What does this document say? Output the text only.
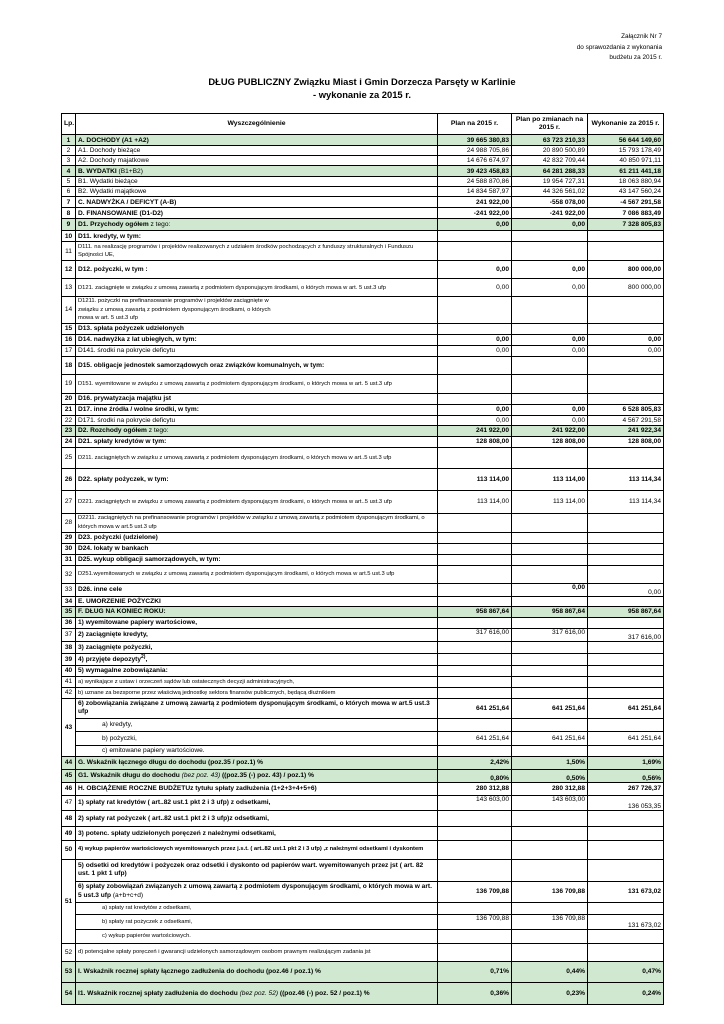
Załącznik Nr 7
do sprawozdania z wykonania
budżetu za 2015 r.
DŁUG PUBLICZNY Związku Miast i Gmin Dorzecza Parsęty w Karlinie
- wykonanie za 2015 r.
Lp.	Wyszczególnienie	Plan na 2015 r.	Plan po zmianach na 2015 r.	Wykonanie za 2015 r.
1	A. DOCHODY (A1 +A2)	39 665 380,83	63 723 210,33	56 644 149,60
2	A1. Dochody bieżące	24 988 705,86	20 890 500,89	15 793 178,49
3	A2. Dochody majatkowe	14 676 674,97	42 832 709,44	40 850 971,11
4	B. WYDATKI (B1+B2)	39 423 458,83	64 281 288,33	61 211 441,18
5	B1. Wydatki bieżące	24 588 870,86	19 954 727,31	18 063 880,94
6	B2. Wydatki majątkowe	14 834 587,97	44 326 561,02	43 147 560,24
7	C. NADWYŻKA / DEFICYT (A-B)	241 922,00	-558 078,00	-4 567 291,58
8	D. FINANSOWANIE (D1-D2)	-241 922,00	-241 922,00	7 086 883,49
9	D1. Przychody ogółem z tego:	0,00	0,00	7 328 805,83
10	D11. kredyty, w tym:			
11	D111. na realizację programów i projektów realizowanych z udziałem środków pochodzących z funduszy strukturalnych i Funduszu Spójności UE,			
12	D12. pożyczki, w tym :	0,00	0,00	800 000,00
13	D121. zaciągnięte w związku z umową zawartą z podmiotem dysponującym środkami, o których mowa w art. 5 ust.3 ufp	0,00	0,00	800 000,00
14	D1211. pożyczki na prefinansowanie programów i projektów zaciągnięte w związku z umową zawartą z podmiotem dysponującym środkami, o których mowa w art. 5 ust.3 ufp			
15	D13. spłata pożyczek udzielonych			
16	D14. nadwyżka z lat ubiegłych, w tym:	0,00	0,00	0,00
17	D141. środki na pokrycie deficytu	0,00	0,00	0,00
18	D15. obligacje jednostek samorządowych oraz związków komunalnych, w tym:			
19	D151. wyemitowane w związku z umową zawartą z podmiotem dysponującym środkami, o których mowa w art. 5 ust.3 ufp			
20	D16. prywatyzacja majątku jst			
21	D17. inne źródła / wolne środki, w tym:	0,00	0,00	6 528 805,83
22	D171. środki na pokrycie deficytu	0,00	0,00	4 567 291,58
23	D2. Rozchody ogółem z tego:	241 922,00	241 922,00	241 922,34
24	D21. spłaty kredytów w tym:	128 808,00	128 808,00	128 808,00
25	D211. zaciągniętych w związku z umową zawartą z podmiotem dysponującym środkami, o których mowa w art..5 ust.3 ufp			
26	D22. spłaty pożyczek, w tym:	113 114,00	113 114,00	113 114,34
27	D221. zaciągniętych w związku z umową zawartą z podmiotem dysponującym środkami, o których mowa w art..5 ust.3 ufp	113 114,00	113 114,00	113 114,34
28	D2211. zaciągniętych na prefinansowanie programów i projektów w związku z umową zawartą z podmiotem dysponującym środkami, o których mowa w art.5 ust.3 ufp			
29	D23. pożyczki (udzielone)			
30	D24. lokaty w bankach			
31	D25. wykup obligacji samorządowych, w tym:			
32	D251.wyemitowanych w związku z umową zawartą z podmiotem dysponującym środkami, o których mowa w art.5 ust.3 ufp			
33	D26. inne cele		0,00	0,00
34	E. UMORZENIE POŻYCZKI			
35	F. DŁUG NA KONIEC ROKU:	958 867,64	958 867,64	958 867,64
36	1) wyemitowane papiery wartościowe,			
37	2) zaciągnięte kredyty,	317 616,00	317 616,00	317 616,00
38	3) zaciągnięte pożyczki,			
39	4) przyjęte depozyty$^{2)}$,			
40	5) wymagalne zobowiązania:			
41	a) wynikające z ustaw i orzeczeń sądów lub ostatecznych decyzji administracyjnych,			
42	b) uznane za bezsporne przez właściwą jednostkę sektora finansów publicznych, będącą dłużnikiem			
43	6) zobowiązania związane z umową zawartą z podmiotem dysponującym środkami, o których mowa w art.5 ust.3 ufp	641 251,64	641 251,64	641 251,64
	a) kredyty,			
	b) pożyczki,	641 251,64	641 251,64	641 251,64
	c) emitowane papiery wartościowe.			
44	G. Wskaźnik łącznego długu do dochodu (poz.35 / poz.1) %	2,42%	1,50%	1,69%
45	G1. Wskaźnik długu do dochodu (bez poz. 43) ((poz.35 (-) poz. 43) / poz.1) %	0,80%	0,50%	0,56%
46	H. OBCIĄŻENIE ROCZNE BUDŻETUz tytułu spłaty zadłużenia (1+2+3+4+5+6)	280 312,88	280 312,88	267 726,37
47	1) spłaty rat kredytów ( art..82 ust.1 pkt 2 i 3 ufp) z odsetkami,	143 603,00	143 603,00	136 053,35
48	2) spłaty rat pożyczek ( art..82 ust.1 pkt 2 i 3 ufp)z odsetkami,			
49	3) potenc. spłaty udzielonych poręczeń z należnymi odsetkami,			
50	4) wykup papierów wartościowych wyemitowanych przez j.s.t. ( art..82 ust.1 pkt 2 i 3 ufp) ,z należnymi odsetkami i dyskontem			
51	5) odsetki od kredytów i pożyczek oraz odsetki i dyskonto od papierów wart. wyemitowanych przez jst ( art. 82 ust. 1 pkt 1 ufp)			
	6) spłaty zobowiązań związanych z umową zawartą z podmiotem dysponującym środkami, o których mowa w art. 5 ust.3 ufp (a+b+c+d)	136 709,88	136 709,88	131 673,02
	a) spłaty rat kredytów z odsetkami,			
	b) spłaty rat pożyczek z odsetkami,	136 709,88	136 709,88	131 673,02
	c) wykup papierów wartościowych.			
52	d) potencjalne spłaty poręczeń i gwarancji udzielonych samorządowym osobom prawnym realizującym zadania jst			
53	I. Wskaźnik rocznej spłaty łącznego zadłużenia do dochodu (poz.46 / poz.1) %	0,71%	0,44%	0,47%
54	I1. Wskaźnik rocznej spłaty zadłużenia do dochodu (bez poz. 52) ((poz.46 (-) poz. 52 / poz.1) %	0,36%	0,23%	0,24%
